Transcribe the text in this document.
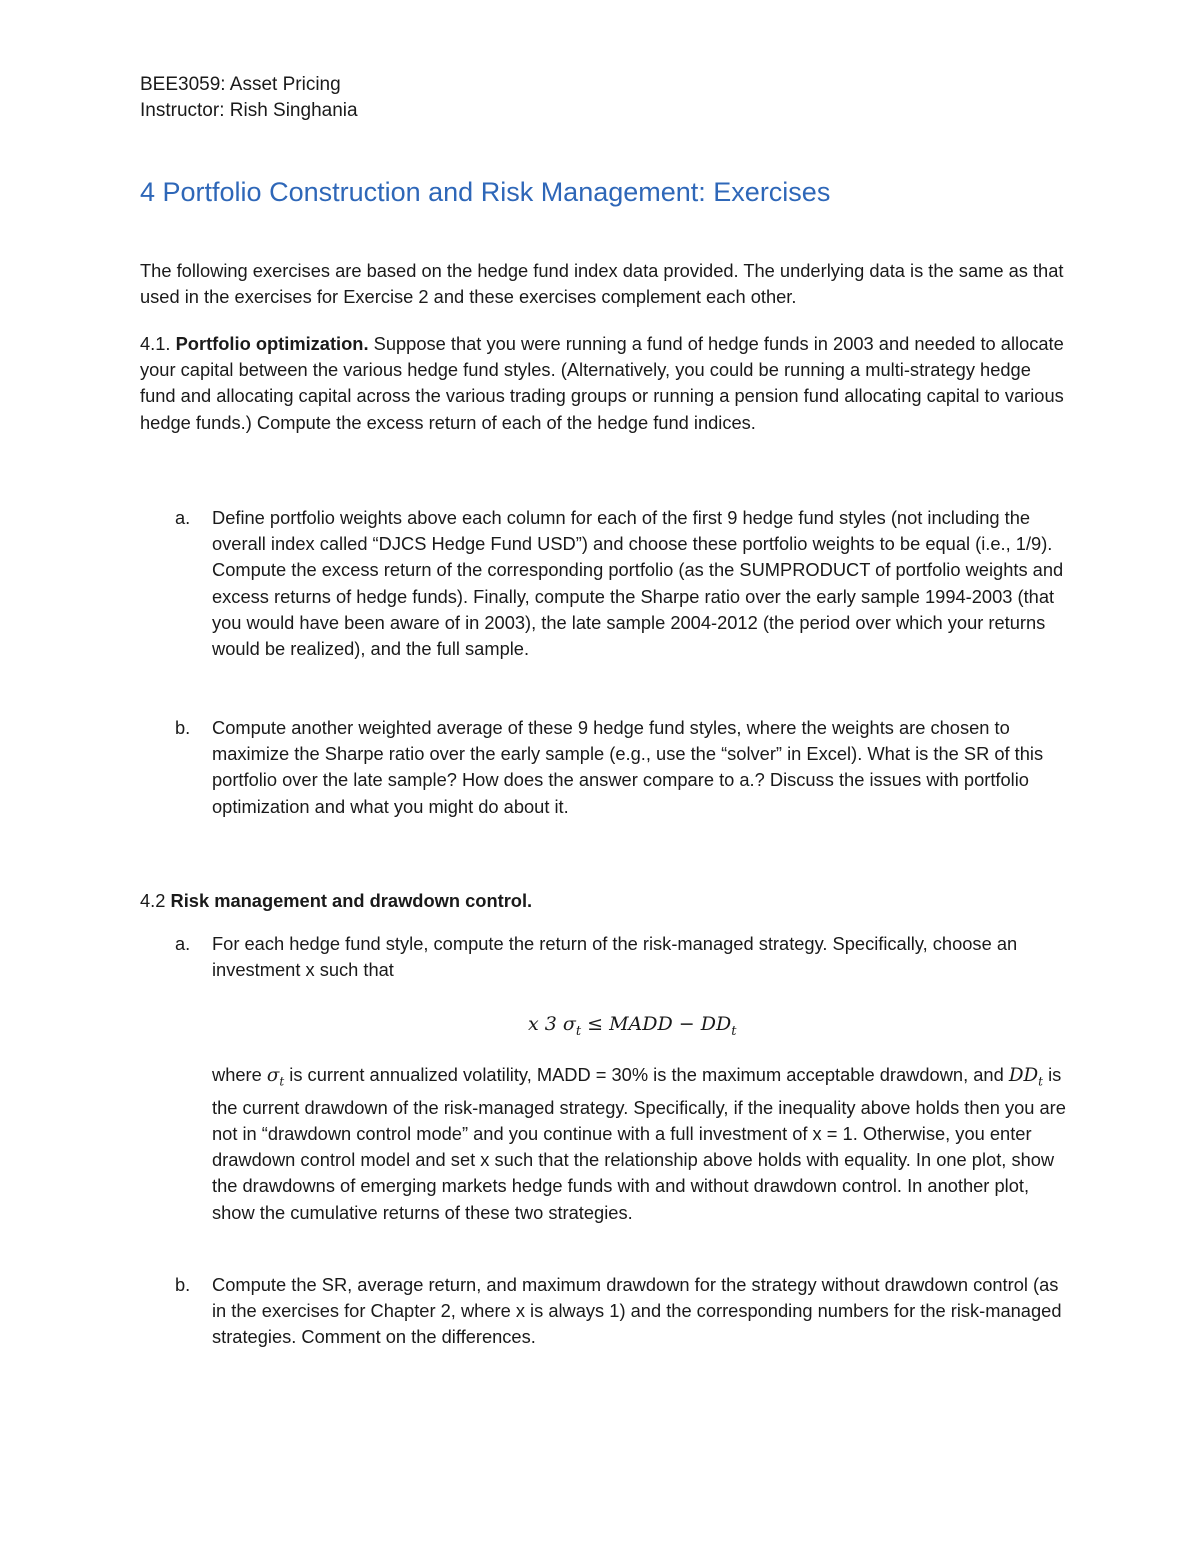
BEE3059: Asset Pricing
Instructor: Rish Singhania
4 Portfolio Construction and Risk Management: Exercises

The following exercises are based on the hedge fund index data provided. The underlying data is the same as that used in the exercises for Exercise 2 and these exercises complement each other.

4.1. Portfolio optimization. Suppose that you were running a fund of hedge funds in 2003 and needed to allocate your capital between the various hedge fund styles. (Alternatively, you could be running a multi-strategy hedge fund and allocating capital across the various trading groups or running a pension fund allocating capital to various hedge funds.) Compute the excess return of each of the hedge fund indices.

a.	Define portfolio weights above each column for each of the first 9 hedge fund styles (not including the overall index called “DJCS Hedge Fund USD”) and choose these portfolio weights to be equal (i.e., 1/9). Compute the excess return of the corresponding portfolio (as the SUMPRODUCT of portfolio weights and excess returns of hedge funds). Finally, compute the Sharpe ratio over the early sample 1994-2003 (that you would have been aware of in 2003), the late sample 2004-2012 (the period over which your returns would be realized), and the full sample.
b.	Compute another weighted average of these 9 hedge fund styles, where the weights are chosen to maximize the Sharpe ratio over the early sample (e.g., use the “solver” in Excel). What is the SR of this portfolio over the late sample? How does the answer compare to a.? Discuss the issues with portfolio optimization and what you might do about it.
4.2 Risk management and drawdown control.
a.	For each hedge fund style, compute the return of the risk-managed strategy. Specifically, choose an investment x such that
x 3 $\sigma_t$ ≤ MADD − $DD_t$
where $\sigma_t$ is current annualized volatility, MADD = 30% is the maximum acceptable drawdown, and $DD_t$ is the current drawdown of the risk-managed strategy. Specifically, if the inequality above holds then you are not in “drawdown control mode” and you continue with a full investment of x = 1. Otherwise, you enter drawdown control model and set x such that the relationship above holds with equality. In one plot, show the drawdowns of emerging markets hedge funds with and without drawdown control. In another plot, show the cumulative returns of these two strategies.
b.	Compute the SR, average return, and maximum drawdown for the strategy without drawdown control (as in the exercises for Chapter 2, where x is always 1) and the corresponding numbers for the risk-managed strategies. Comment on the differences.
